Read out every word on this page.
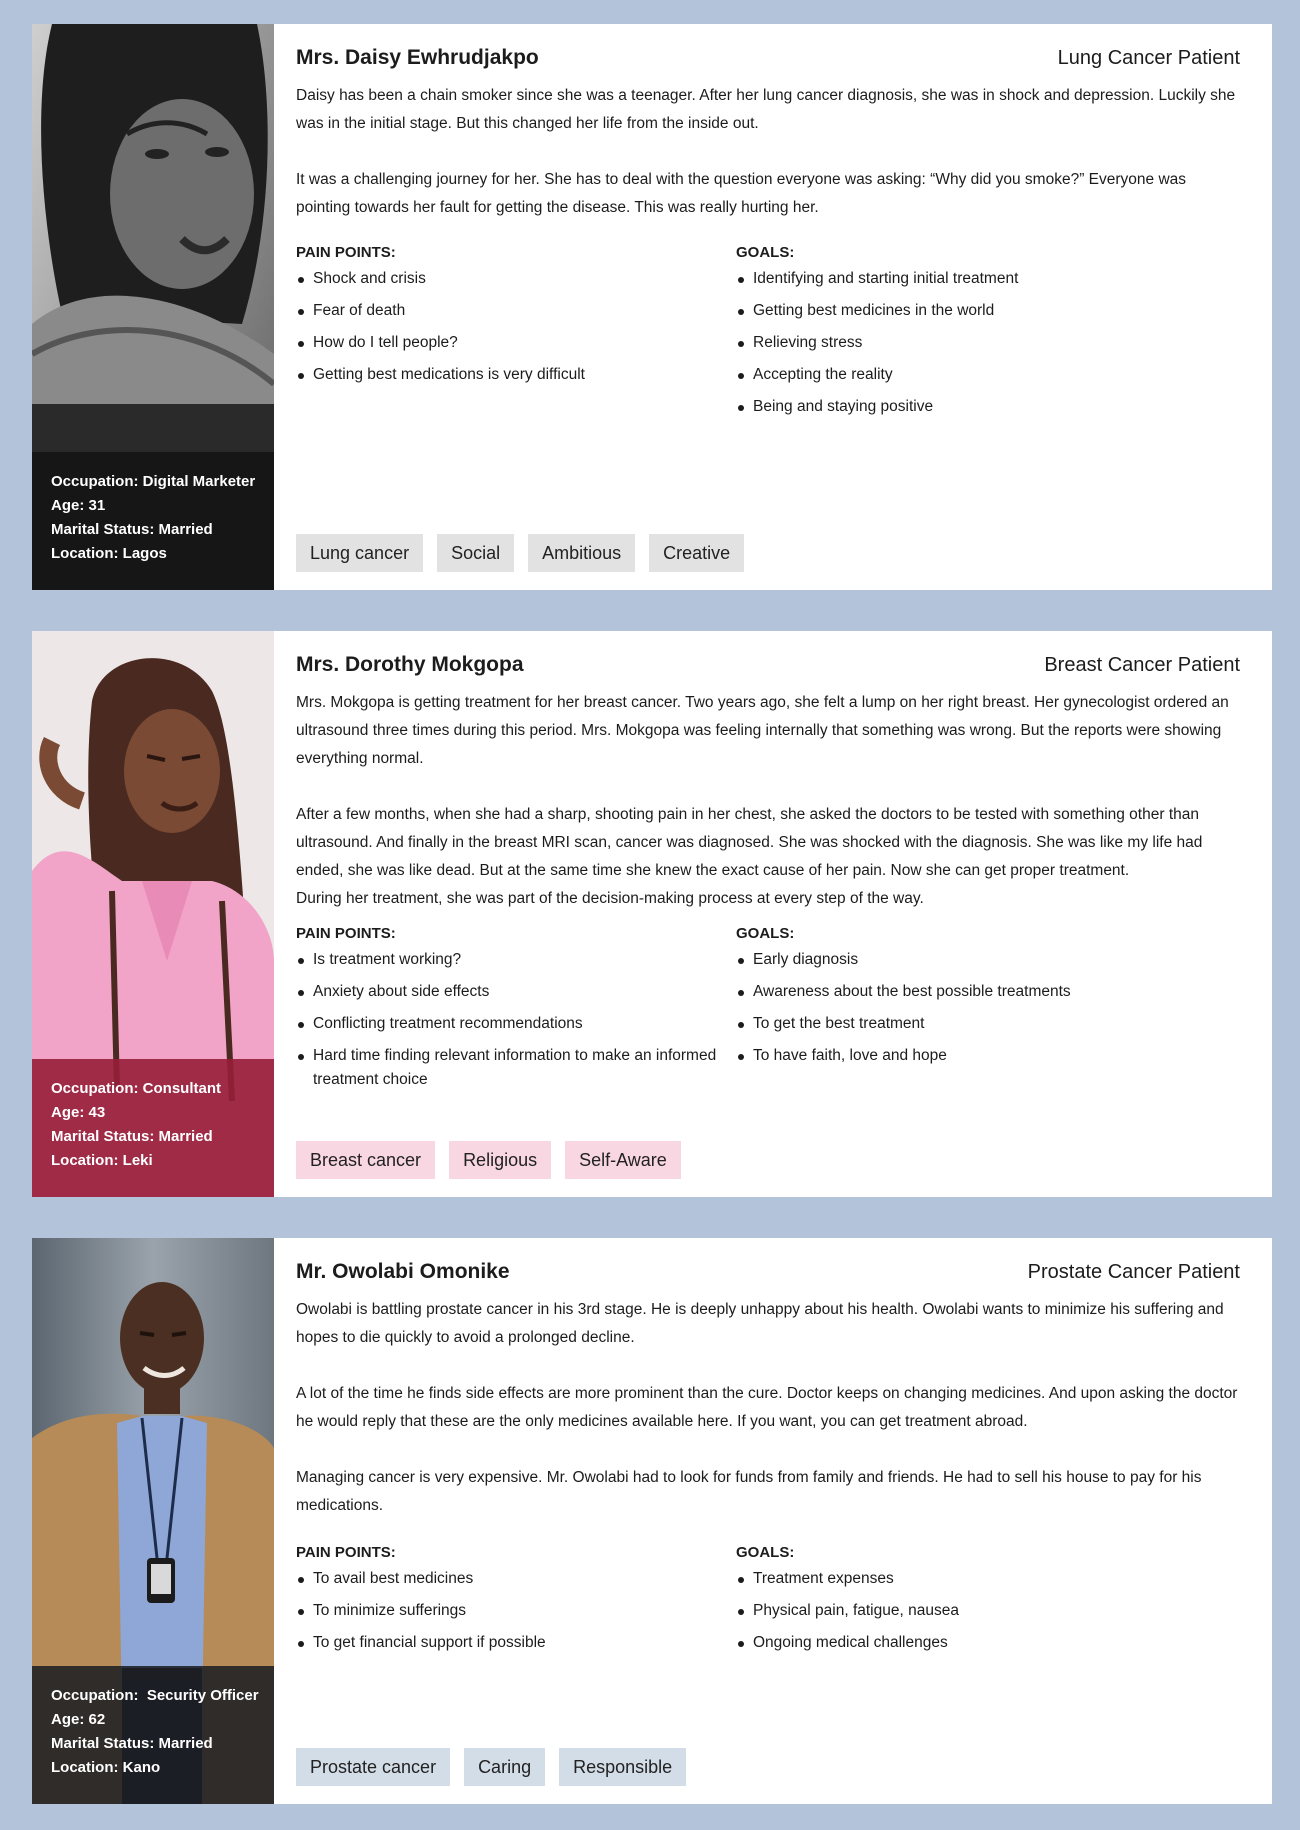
Occupation: Digital Marketer
Age: 31
Marital Status: Married
Location: Lagos
Mrs. Daisy Ewhrudjakpo	Lung Cancer Patient

Daisy has been a chain smoker since she was a teenager. After her lung cancer diagnosis, she was in shock and depression. Luckily she was in the initial stage. But this changed her life from the inside out.

It was a challenging journey for her. She has to deal with the question everyone was asking: “Why did you smoke?” Everyone was pointing towards her fault for getting the disease. This was really hurting her.

PAIN POINTS:

Shock and crisis
Fear of death
How do I tell people?
Getting best medications is very difficult

GOALS:

Identifying and starting initial treatment
Getting best medicines in the world
Relieving stress
Accepting the reality
Being and staying positive
Lung cancer	Social	Ambitious	Creative
Occupation: Consultant
Age: 43
Marital Status: Married
Location: Leki
Mrs. Dorothy Mokgopa	Breast Cancer Patient

Mrs. Mokgopa is getting treatment for her breast cancer. Two years ago, she felt a lump on her right breast. Her gynecologist ordered an ultrasound three times during this period. Mrs. Mokgopa was feeling internally that something was wrong. But the reports were showing everything normal.

After a few months, when she had a sharp, shooting pain in her chest, she asked the doctors to be tested with something other than ultrasound. And finally in the breast MRI scan, cancer was diagnosed. She was shocked with the diagnosis. She was like my life had ended, she was like dead. But at the same time she knew the exact cause of her pain. Now she can get proper treatment.

During her treatment, she was part of the decision-making process at every step of the way.

PAIN POINTS:

Is treatment working?
Anxiety about side effects
Conflicting treatment recommendations
Hard time finding relevant information to make an informed treatment choice

GOALS:

Early diagnosis
Awareness about the best possible treatments
To get the best treatment
To have faith, love and hope
Breast cancer	Religious	Self-Aware
Occupation:  Security Officer
Age: 62
Marital Status: Married
Location: Kano
Mr. Owolabi Omonike	Prostate Cancer Patient

Owolabi is battling prostate cancer in his 3rd stage. He is deeply unhappy about his health. Owolabi wants to minimize his suffering and hopes to die quickly to avoid a prolonged decline.

A lot of the time he finds side effects are more prominent than the cure. Doctor keeps on changing medicines. And upon asking the doctor he would reply that these are the only medicines available here. If you want, you can get treatment abroad.

Managing cancer is very expensive. Mr. Owolabi had to look for funds from family and friends. He had to sell his house to pay for his medications.

PAIN POINTS:

To avail best medicines
To minimize sufferings
To get financial support if possible

GOALS:

Treatment expenses
Physical pain, fatigue, nausea
Ongoing medical challenges
Prostate cancer	Caring	Responsible
